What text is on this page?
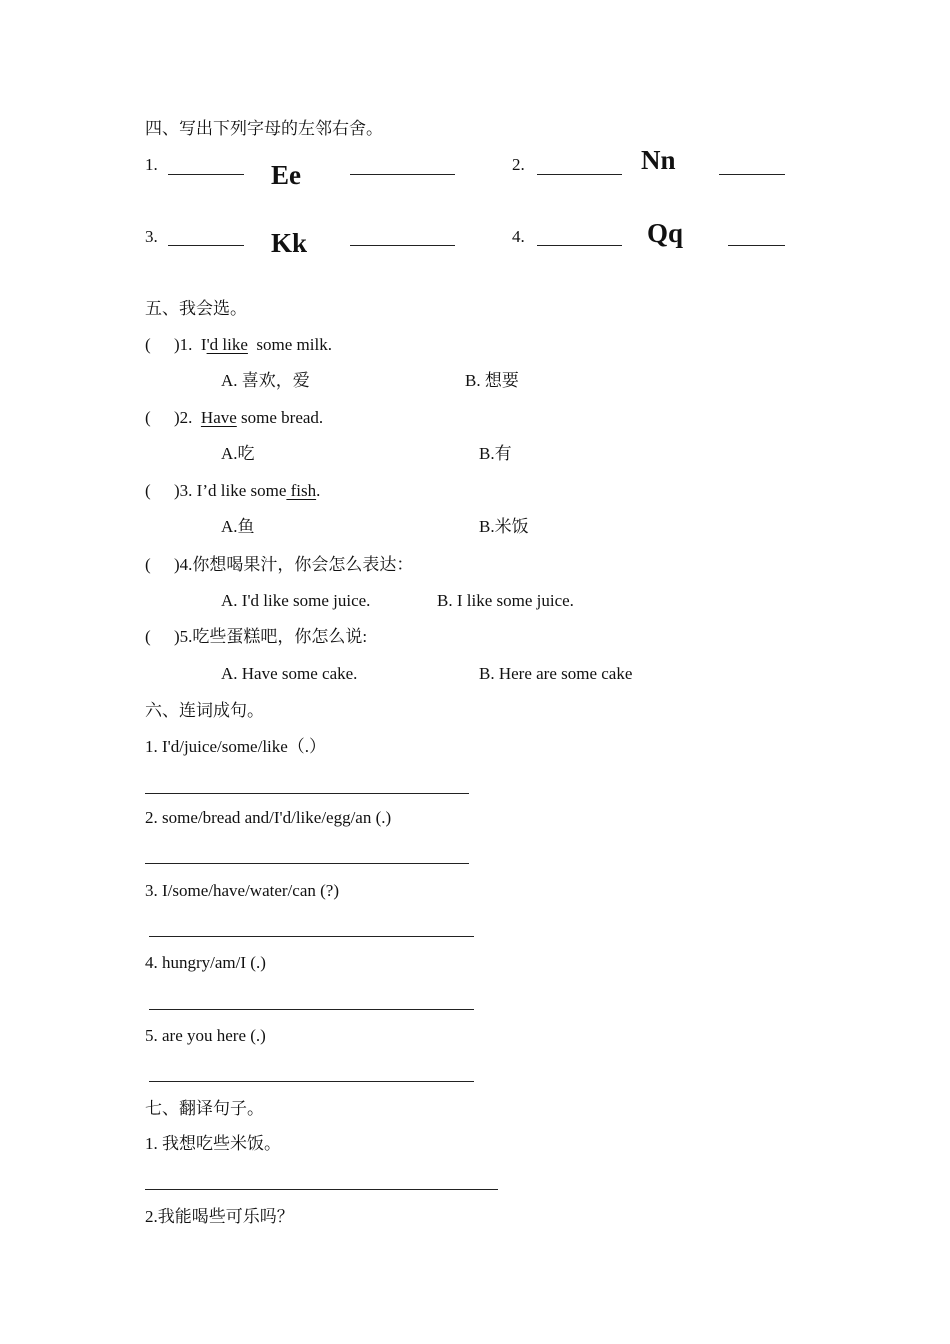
四、写出下列字母的左邻右舍。
1.	Ee	2.	Nn
3.	Kk	4.	Qq
五、我会选。
( )1. I'd like some milk.
A. 喜欢，爱	B. 想要
( )2. Have some bread.
A.吃	B.有
( )3. I’d like some fish.
A.鱼	B.米饭
( )4.你想喝果汁，你会怎么表达：
A. I'd like some juice.	B. I like some juice.
( )5.吃些蛋糕吧，你怎么说:
A. Have some cake.	B. Here are some cake
六、连词成句。
1. I'd/juice/some/like（.）
2. some/bread and/I'd/like/egg/an (.)
3. I/some/have/water/can (?)
4. hungry/am/I (.)
5. are you here (.)
七、翻译句子。
1. 我想吃些米饭。
2.我能喝些可乐吗？
